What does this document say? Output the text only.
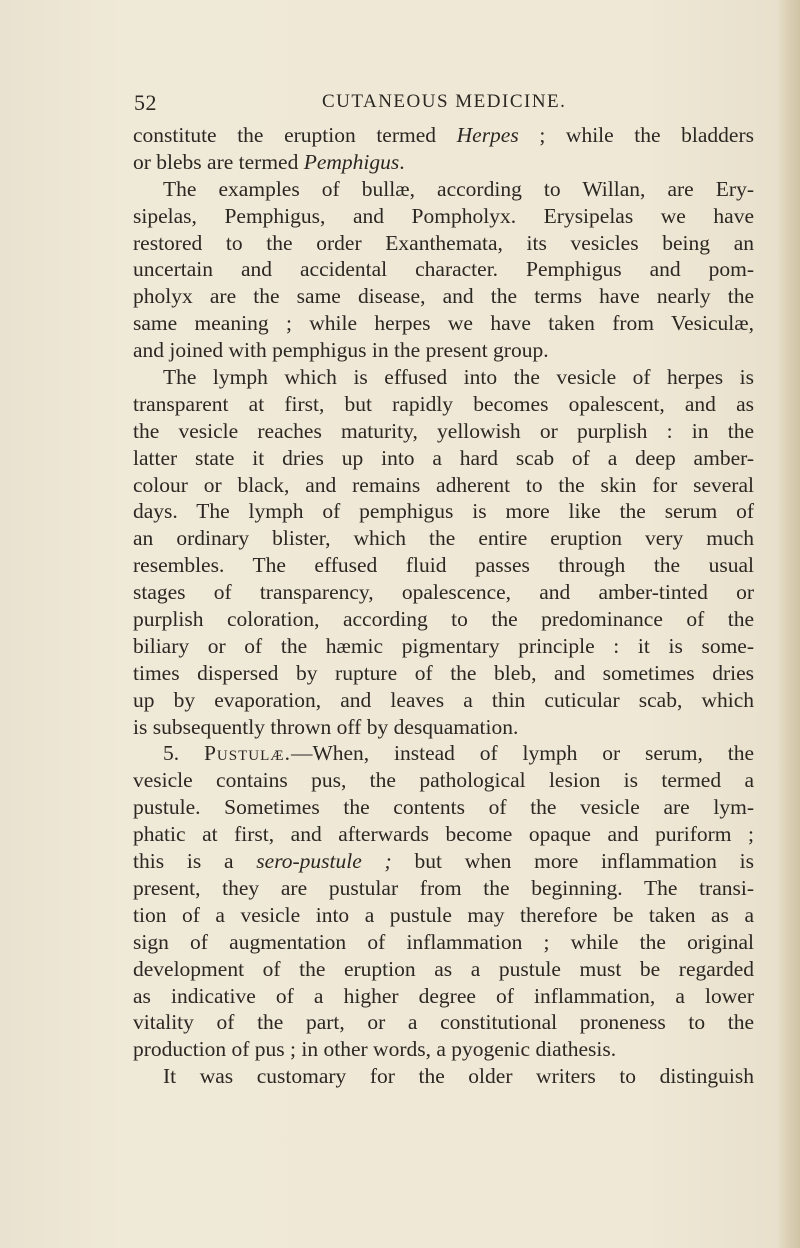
52	CUTANEOUS MEDICINE.
constitute the eruption termed Herpes ; while the bladders
or blebs are termed Pemphigus.
The examples of bullæ, according to Willan, are Ery-
sipelas, Pemphigus, and Pompholyx. Erysipelas we have
restored to the order Exanthemata, its vesicles being an
uncertain and accidental character. Pemphigus and pom-
pholyx are the same disease, and the terms have nearly the
same meaning ; while herpes we have taken from Vesiculæ,
and joined with pemphigus in the present group.
The lymph which is effused into the vesicle of herpes is
transparent at first, but rapidly becomes opalescent, and as
the vesicle reaches maturity, yellowish or purplish : in the
latter state it dries up into a hard scab of a deep amber-
colour or black, and remains adherent to the skin for several
days. The lymph of pemphigus is more like the serum of
an ordinary blister, which the entire eruption very much
resembles. The effused fluid passes through the usual
stages of transparency, opalescence, and amber-tinted or
purplish coloration, according to the predominance of the
biliary or of the hæmic pigmentary principle : it is some-
times dispersed by rupture of the bleb, and sometimes dries
up by evaporation, and leaves a thin cuticular scab, which
is subsequently thrown off by desquamation.
5. Pustulæ.—When, instead of lymph or serum, the
vesicle contains pus, the pathological lesion is termed a
pustule. Sometimes the contents of the vesicle are lym-
phatic at first, and afterwards become opaque and puriform ;
this is a sero-pustule ; but when more inflammation is
present, they are pustular from the beginning. The transi-
tion of a vesicle into a pustule may therefore be taken as a
sign of augmentation of inflammation ; while the original
development of the eruption as a pustule must be regarded
as indicative of a higher degree of inflammation, a lower
vitality of the part, or a constitutional proneness to the
production of pus ; in other words, a pyogenic diathesis.
It was customary for the older writers to distinguish
